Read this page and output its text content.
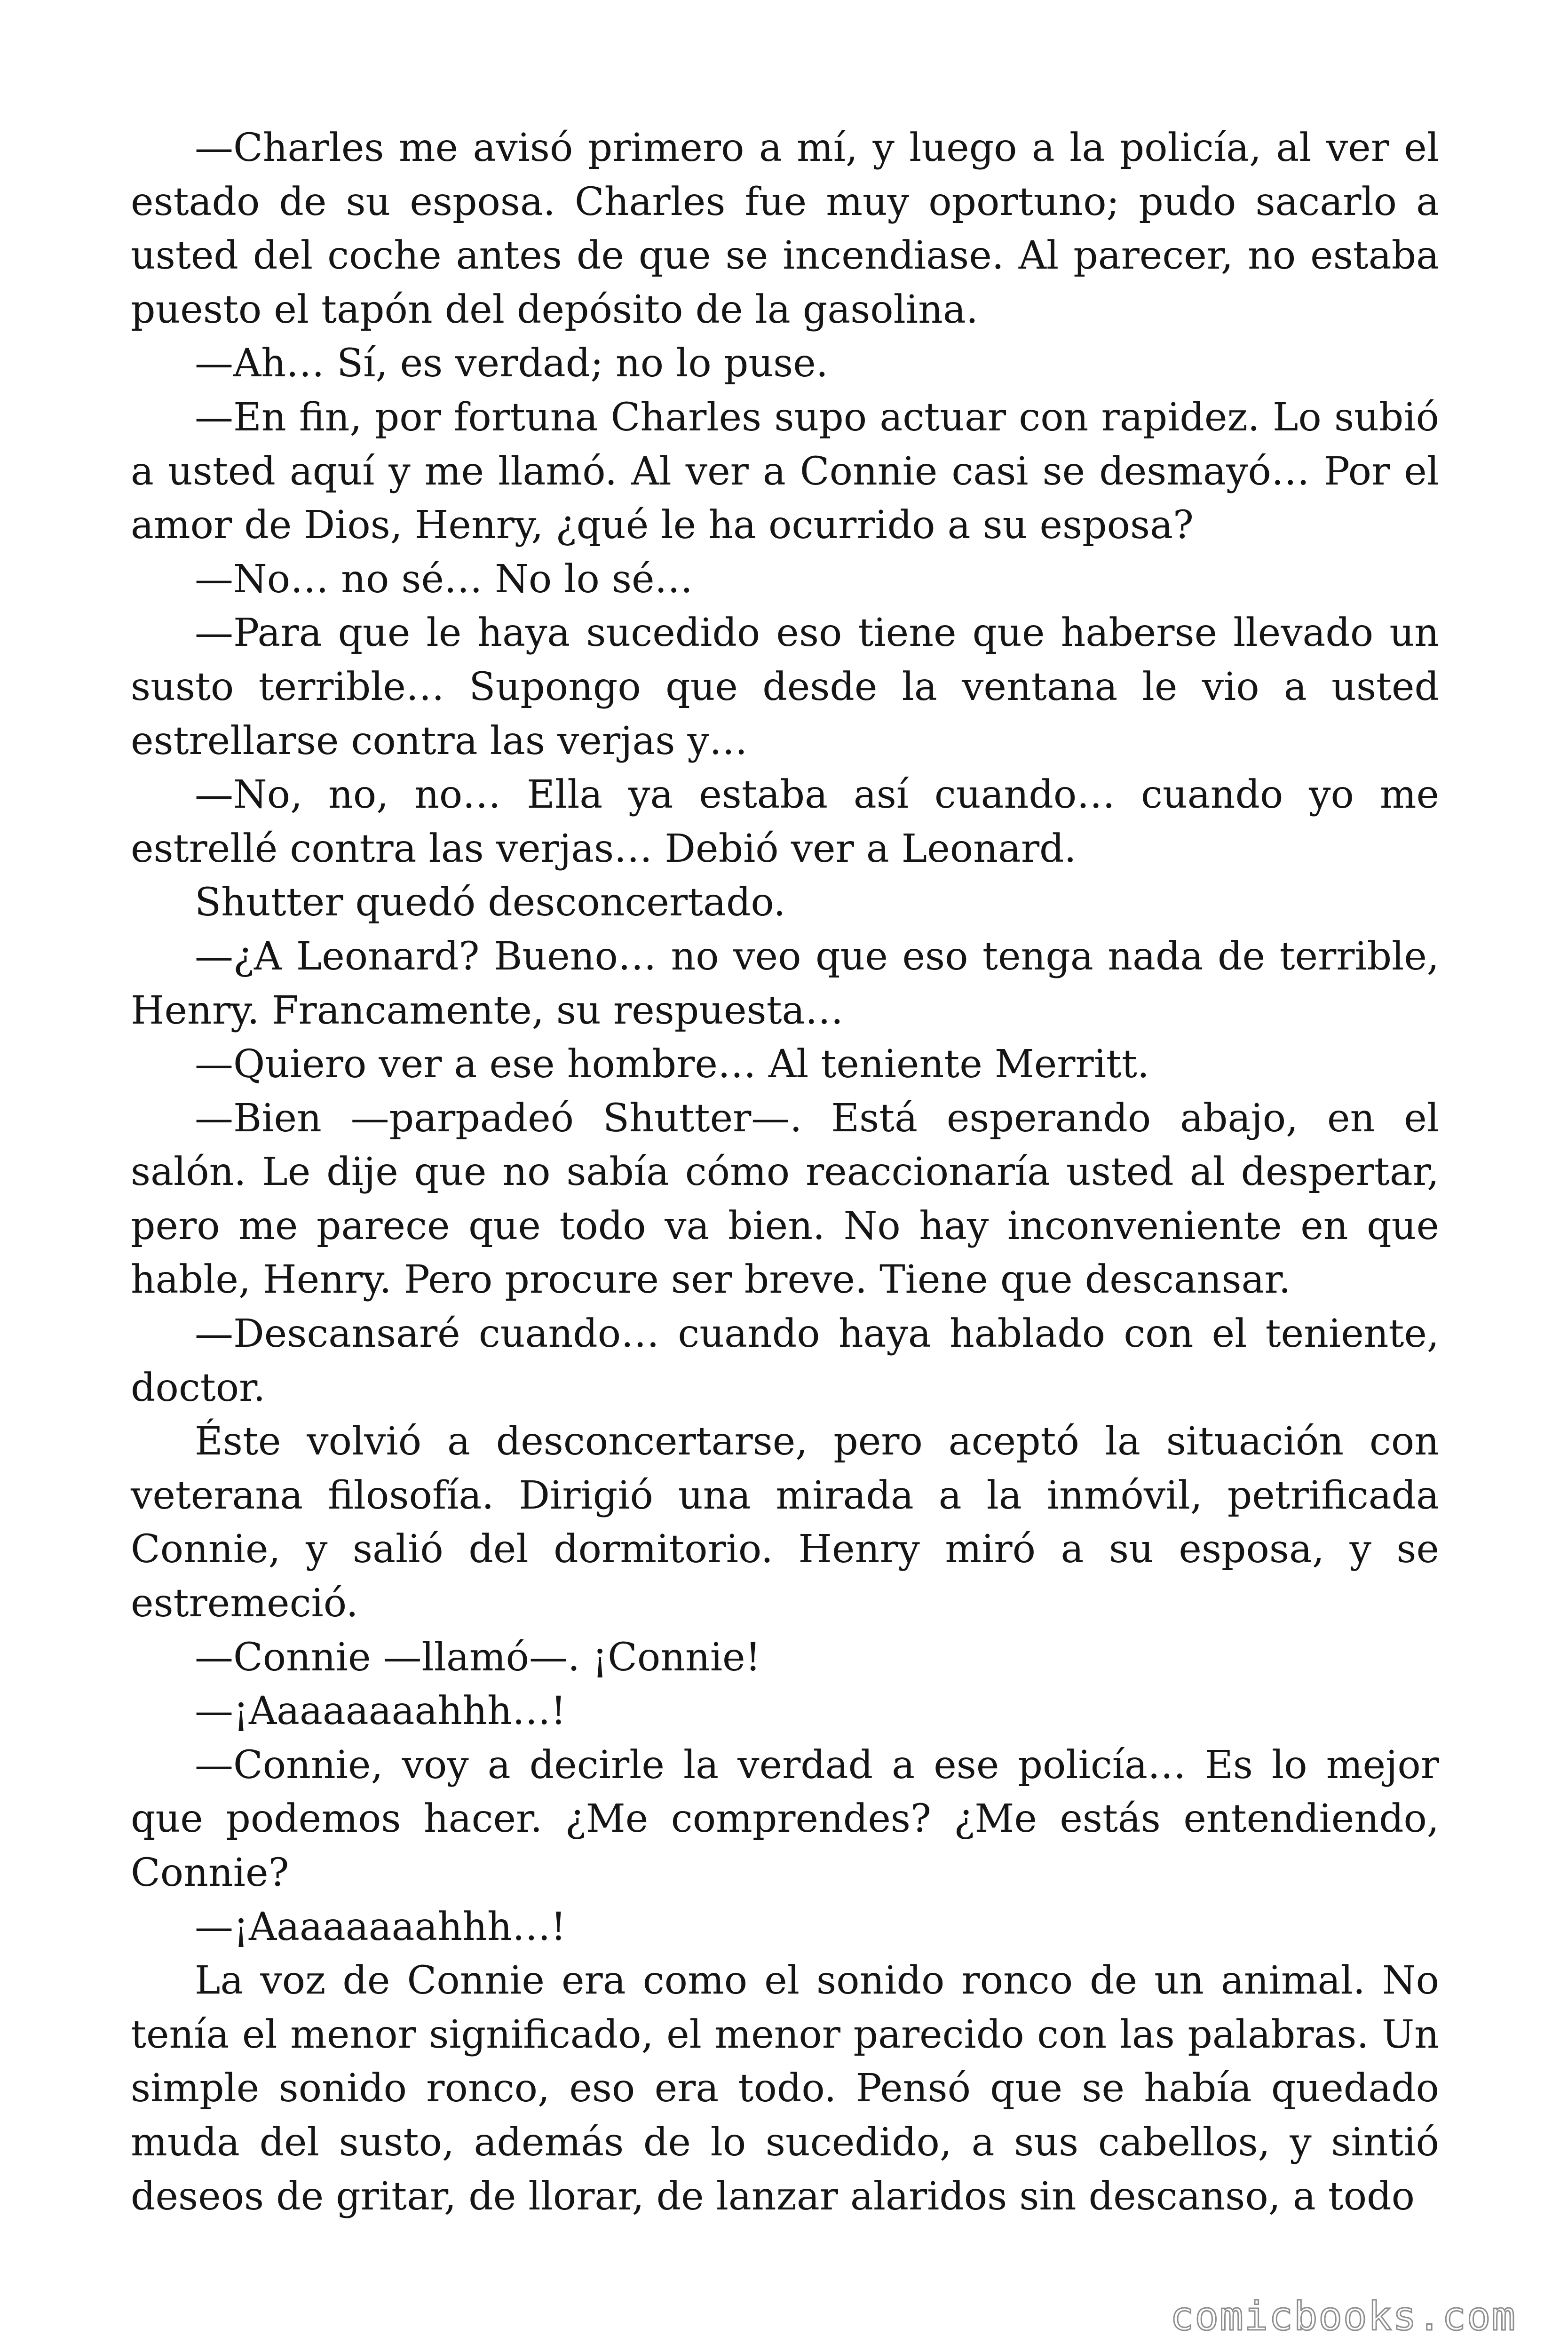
—Charles me avisó primero a mí, y luego a la policía, al ver el estado de su esposa. Charles fue muy oportuno; pudo sacarlo a usted del coche antes de que se incendiase. Al parecer, no estaba puesto el tapón del depósito de la gasolina.

—Ah… Sí, es verdad; no lo puse.

—En fin, por fortuna Charles supo actuar con rapidez. Lo subió a usted aquí y me llamó. Al ver a Connie casi se desmayó… Por el amor de Dios, Henry, ¿qué le ha ocurrido a su esposa?

—No… no sé… No lo sé…

—Para que le haya sucedido eso tiene que haberse llevado un susto terrible… Supongo que desde la ventana le vio a usted estrellarse contra las verjas y…

—No, no, no… Ella ya estaba así cuando… cuando yo me estrellé contra las verjas… Debió ver a Leonard.

Shutter quedó desconcertado.

—¿A Leonard? Bueno… no veo que eso tenga nada de terrible, Henry. Francamente, su respuesta…

—Quiero ver a ese hombre… Al teniente Merritt.

—Bien —parpadeó Shutter—. Está esperando abajo, en el salón. Le dije que no sabía cómo reaccionaría usted al despertar, pero me parece que todo va bien. No hay inconveniente en que hable, Henry. Pero procure ser breve. Tiene que descansar.

—Descansaré cuando… cuando haya hablado con el teniente, doctor.

Éste volvió a desconcertarse, pero aceptó la situación con veterana filosofía. Dirigió una mirada a la inmóvil, petrificada Connie, y salió del dormitorio. Henry miró a su esposa, y se estremeció.

—Connie —llamó—. ¡Connie!

—¡Aaaaaaaahhh…!

—Connie, voy a decirle la verdad a ese policía… Es lo mejor que podemos hacer. ¿Me comprendes? ¿Me estás entendiendo, Connie?

—¡Aaaaaaaahhh…!

La voz de Connie era como el sonido ronco de un animal. No tenía el menor significado, el menor parecido con las palabras. Un simple sonido ronco, eso era todo. Pensó que se había quedado muda del susto, además de lo sucedido, a sus cabellos, y sintió deseos de gritar, de llorar, de lanzar alaridos sin descanso, a todo

comicbooks.com
